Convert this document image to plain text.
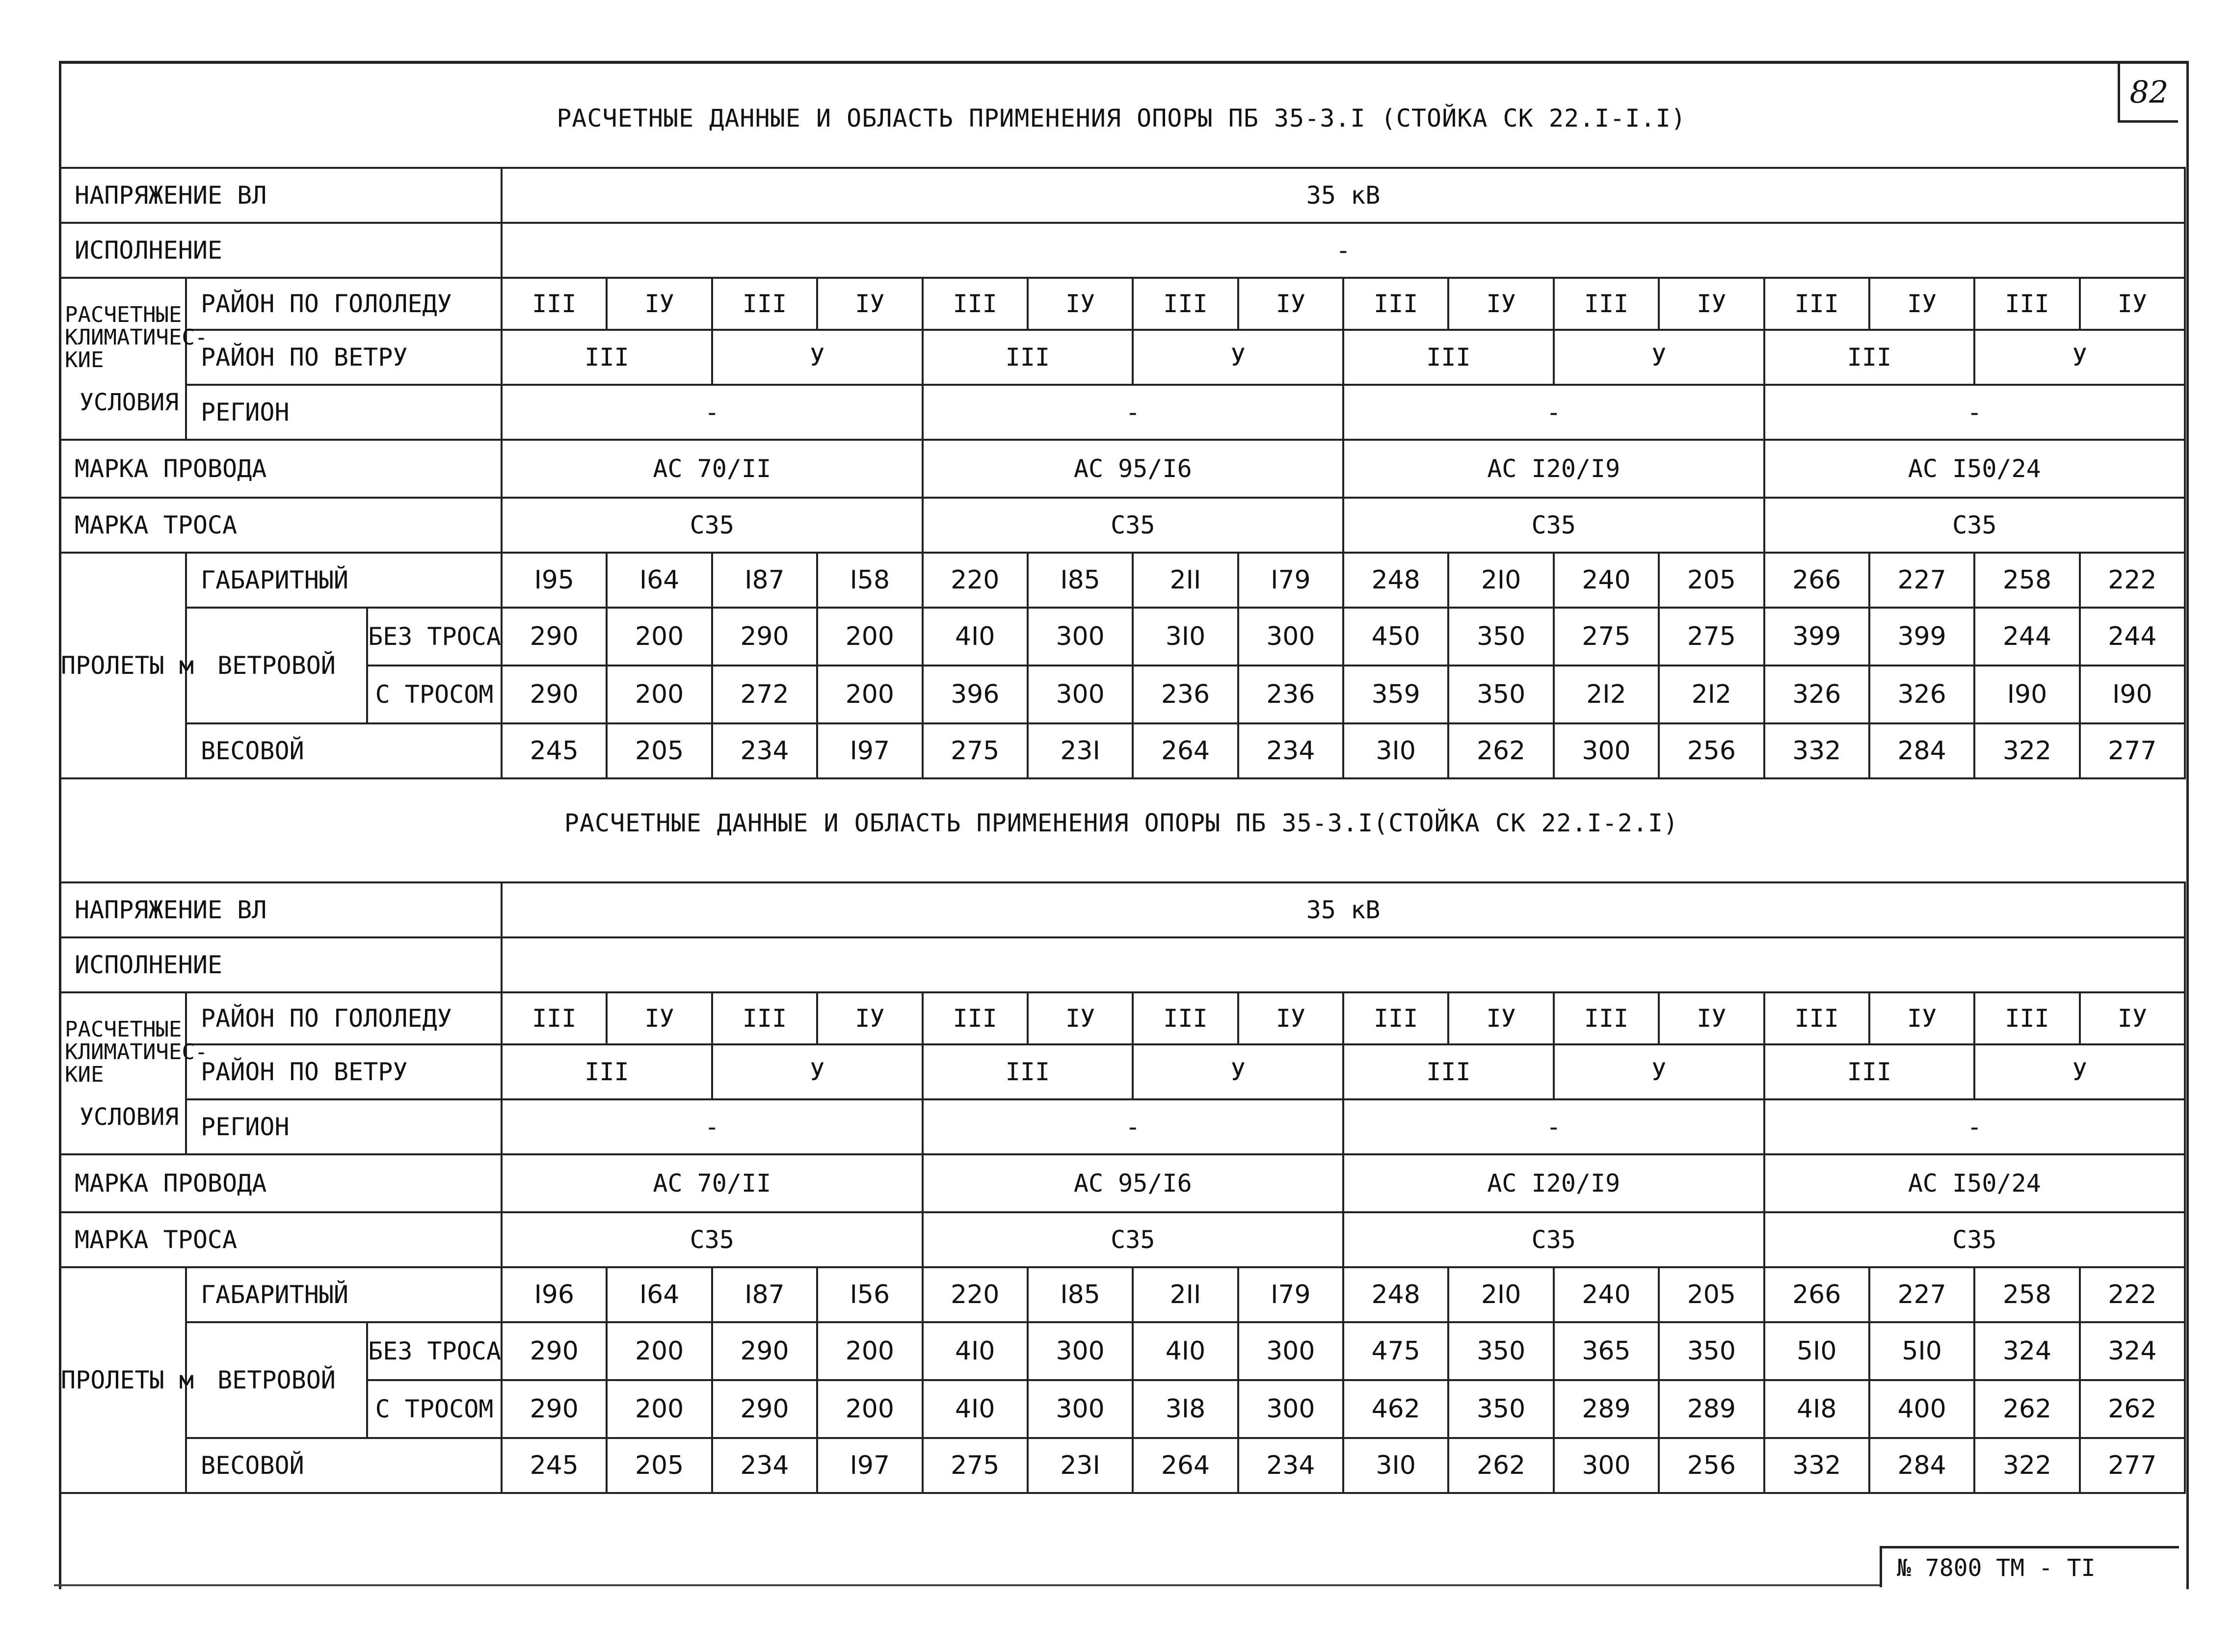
82
РАСЧЕТНЫЕ ДАННЫЕ И ОБЛАСТЬ ПРИМЕНЕНИЯ ОПОРЫ ПБ 35-3.I (СТОЙКА СК 22.I-I.I)
НАПРЯЖЕНИЕ ВЛ			35 кВ															
ИСПОЛНЕНИЕ			-															

РАСЧЕТНЫЕ КЛИМАТИЧЕС-КИЕ
УСЛОВИЯ	РАЙОН ПО ГОЛОЛЕДУ		III	IУ	III	IУ	III	IУ	III	IУ	III	IУ	III	IУ	III	IУ	III	IУ
	РАЙОН ПО ВЕТРУ		III		У		III		У		III		У		III		У	
	РЕГИОН		-				-				-				-			
МАРКА ПРОВОДА			АС 70/II				АС 95/I6				АС I20/I9				АС I50/24			
МАРКА ТРОСА			С35				С35				С35				С35			
ПРОЛЕТЫ м	ГАБАРИТНЫЙ		I95	I64	I87	I58	220	I85	2II	I79	248	2I0	240	205	266	227	258	222
	ВЕТРОВОЙ	БЕЗ ТРОСА	290	200	290	200	4I0	300	3I0	300	450	350	275	275	399	399	244	244
		С ТРОСОМ	290	200	272	200	396	300	236	236	359	350	2I2	2I2	326	326	I90	I90
	ВЕСОВОЙ		245	205	234	I97	275	23I	264	234	3I0	262	300	256	332	284	322	277
РАСЧЕТНЫЕ ДАННЫЕ И ОБЛАСТЬ ПРИМЕНЕНИЯ ОПОРЫ ПБ 35-3.I(СТОЙКА СК 22.I-2.I)
НАПРЯЖЕНИЕ ВЛ			35 кВ															
ИСПОЛНЕНИЕ																		

РАСЧЕТНЫЕ КЛИМАТИЧЕС-КИЕ
УСЛОВИЯ	РАЙОН ПО ГОЛОЛЕДУ		III	IУ	III	IУ	III	IУ	III	IУ	III	IУ	III	IУ	III	IУ	III	IУ
	РАЙОН ПО ВЕТРУ		III		У		III		У		III		У		III		У	
	РЕГИОН		-				-				-				-			
МАРКА ПРОВОДА			АС 70/II				АС 95/I6				АС I20/I9				АС I50/24			
МАРКА ТРОСА			С35				С35				С35				С35			
ПРОЛЕТЫ м	ГАБАРИТНЫЙ		I96	I64	I87	I56	220	I85	2II	I79	248	2I0	240	205	266	227	258	222
	ВЕТРОВОЙ	БЕЗ ТРОСА	290	200	290	200	4I0	300	4I0	300	475	350	365	350	5I0	5I0	324	324
		С ТРОСОМ	290	200	290	200	4I0	300	3I8	300	462	350	289	289	4I8	400	262	262
	ВЕСОВОЙ		245	205	234	I97	275	23I	264	234	3I0	262	300	256	332	284	322	277
№ 7800 ТМ - ТІ
